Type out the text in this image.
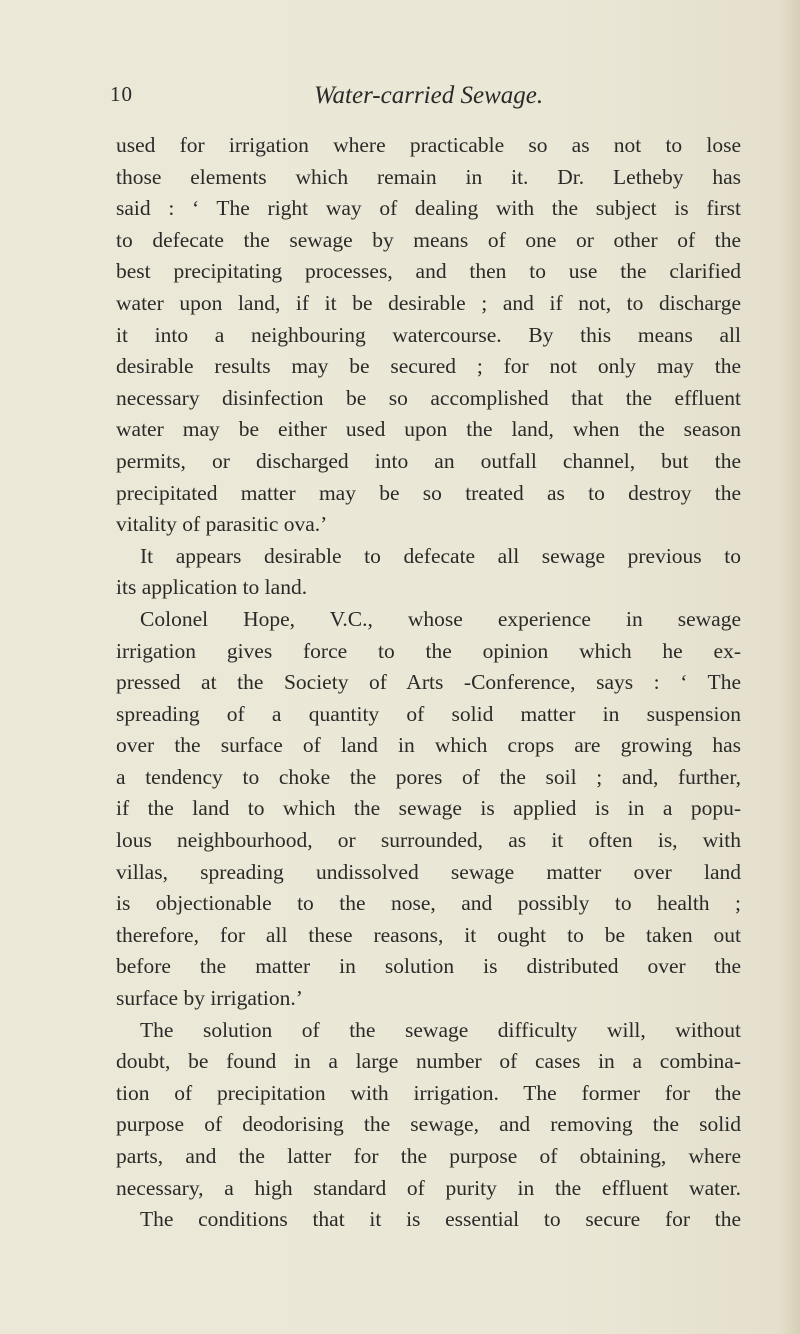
10	Water-carried Sewage.
used for irrigation where practicable so as not to lose
those elements which remain in it. Dr. Letheby has
said : ‘ The right way of dealing with the subject is first
to defecate the sewage by means of one or other of the
best precipitating processes, and then to use the clarified
water upon land, if it be desirable ; and if not, to discharge
it into a neighbouring watercourse. By this means all
desirable results may be secured ; for not only may the
necessary disinfection be so accomplished that the effluent
water may be either used upon the land, when the season
permits, or discharged into an outfall channel, but the
precipitated matter may be so treated as to destroy the
vitality of parasitic ova.’
It appears desirable to defecate all sewage previous to
its application to land.
Colonel Hope, V.C., whose experience in sewage
irrigation gives force to the opinion which he ex-
pressed at the Society of Arts -Conference, says : ‘ The
spreading of a quantity of solid matter in suspension
over the surface of land in which crops are growing has
a tendency to choke the pores of the soil ; and, further,
if the land to which the sewage is applied is in a popu-
lous neighbourhood, or surrounded, as it often is, with
villas, spreading undissolved sewage matter over land
is objectionable to the nose, and possibly to health ;
therefore, for all these reasons, it ought to be taken out
before the matter in solution is distributed over the
surface by irrigation.’
The solution of the sewage difficulty will, without
doubt, be found in a large number of cases in a combina-
tion of precipitation with irrigation. The former for the
purpose of deodorising the sewage, and removing the solid
parts, and the latter for the purpose of obtaining, where
necessary, a high standard of purity in the effluent water.
The conditions that it is essential to secure for the
